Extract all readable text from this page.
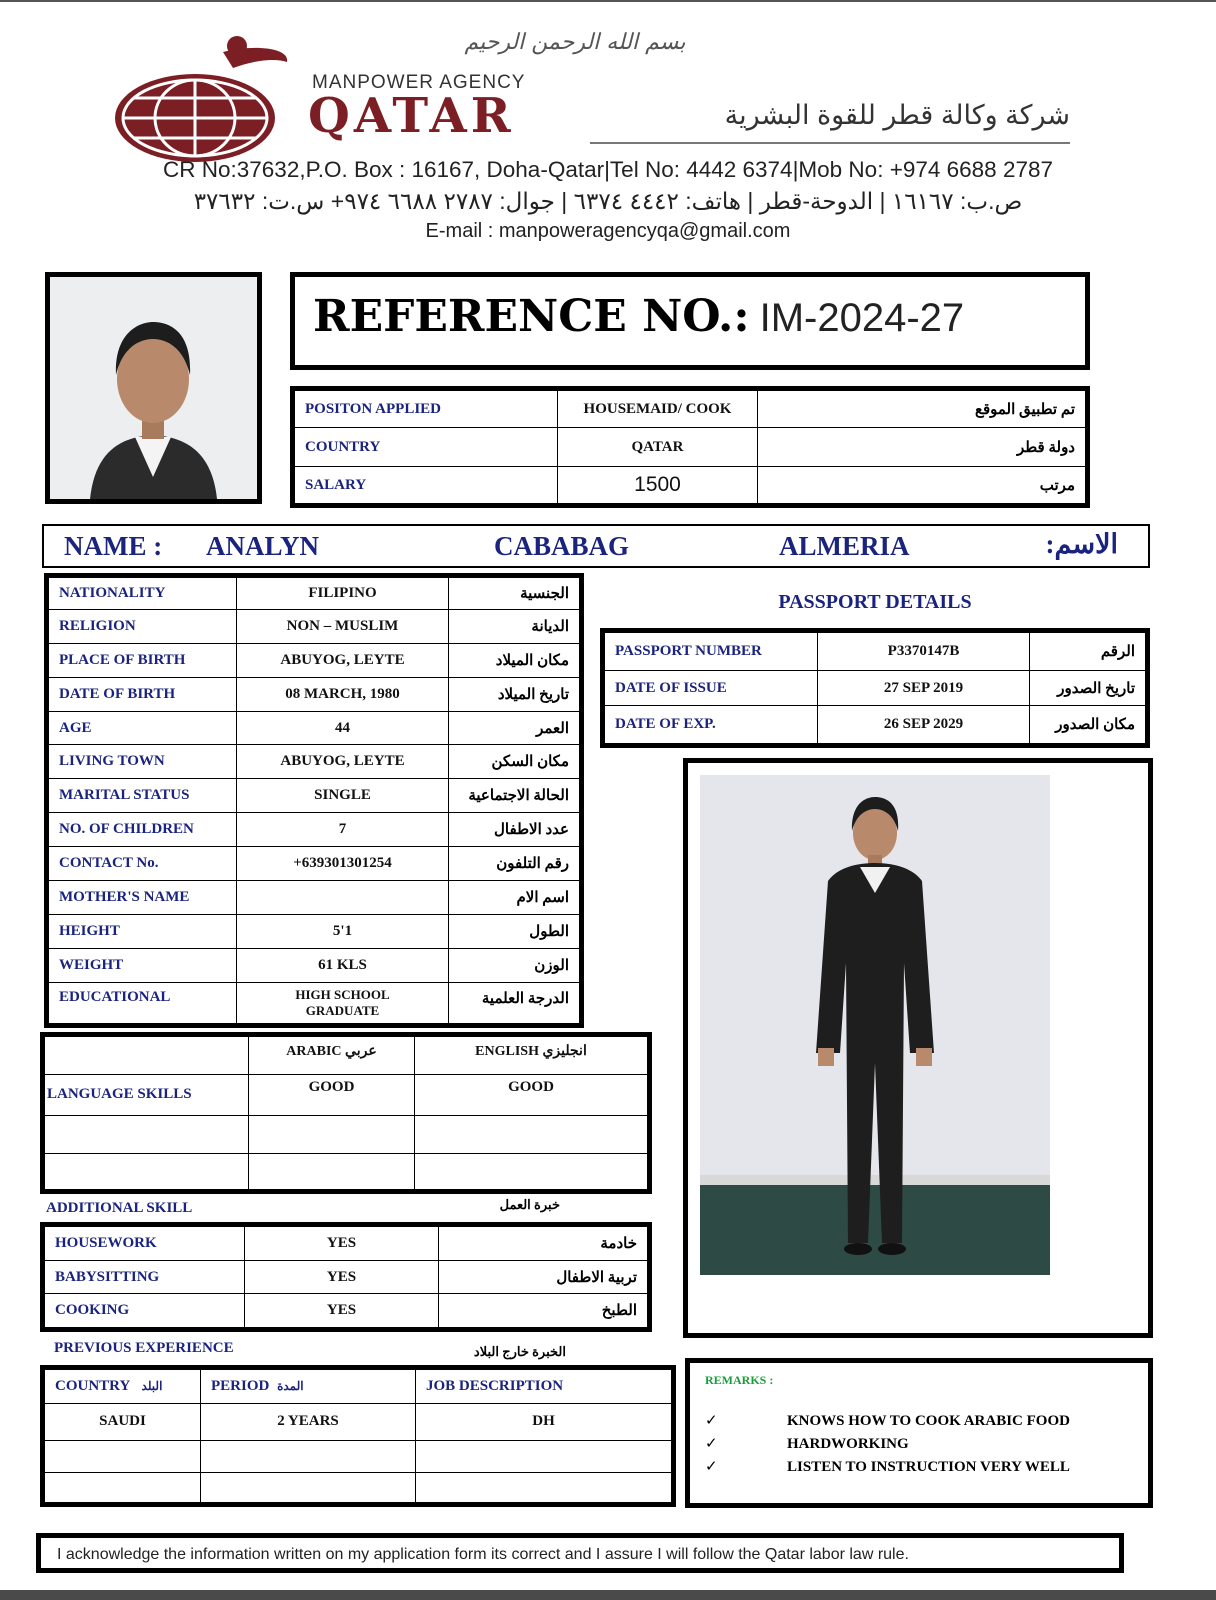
بسم الله الرحمن الرحيم
MANPOWER AGENCY
QATAR	شركة وكالة قطر للقوة البشرية
CR No:37632,P.O. Box : 16167, Doha-Qatar|Tel No: 4442 6374|Mob No: +974 6688 2787
ص.ب: ١٦١٦٧ | الدوحة-قطر | هاتف: ٤٤٤٢ ٦٣٧٤ | جوال: ٢٧٨٧ ٦٦٨٨ ٩٧٤+ س.ت: ٣٧٦٣٢
E-mail : manpoweragencyqa@gmail.com
REFERENCE NO.: IM-2024-27
POSITON APPLIED	HOUSEMAID/ COOK	تم تطبيق الموقع
COUNTRY	QATAR	دولة قطر
SALARY	1500	مرتب
NAME : ANALYN	CABABAG	ALMERIA	الاسم:
NATIONALITY	FILIPINO	الجنسية
RELIGION	NON – MUSLIM	الديانة
PLACE OF BIRTH	ABUYOG, LEYTE	مكان الميلاد
DATE OF BIRTH	08 MARCH, 1980	تاريخ الميلاد
AGE	44	العمر
LIVING TOWN	ABUYOG, LEYTE	مكان السكن
MARITAL STATUS	SINGLE	الحالة الاجتماعية
NO. OF CHILDREN	7	عدد الاطفال
CONTACT No.	+639301301254	رقم التلفون
MOTHER'S NAME		اسم الام
HEIGHT	5'1	الطول
WEIGHT	61 KLS	الوزن
EDUCATIONAL	HIGH SCHOOL GRADUATE	الدرجة العلمية
PASSPORT DETAILS
PASSPORT NUMBER	P3370147B	الرقم
DATE OF ISSUE	27 SEP 2019	تاريخ الصدور
DATE OF EXP.	26 SEP 2029	مكان الصدور
	ARABIC عربي	ENGLISH انجليزي
LANGUAGE SKILLS	GOOD	GOOD

ADDITIONAL SKILL	خبرة العمل
HOUSEWORK	YES	خادمة
BABYSITTING	YES	تربية الاطفال
COOKING	YES	الطبخ
PREVIOUS EXPERIENCE	الخبرة خارج البلاد
COUNTRY البلد	PERIOD المدة	JOB DESCRIPTION
SAUDI	2 YEARS	DH

REMARKS :
✓	KNOWS HOW TO COOK ARABIC FOOD
✓	HARDWORKING
✓	LISTEN TO INSTRUCTION VERY WELL
I acknowledge the information written on my application form its correct and I assure I will follow the Qatar labor law rule.
